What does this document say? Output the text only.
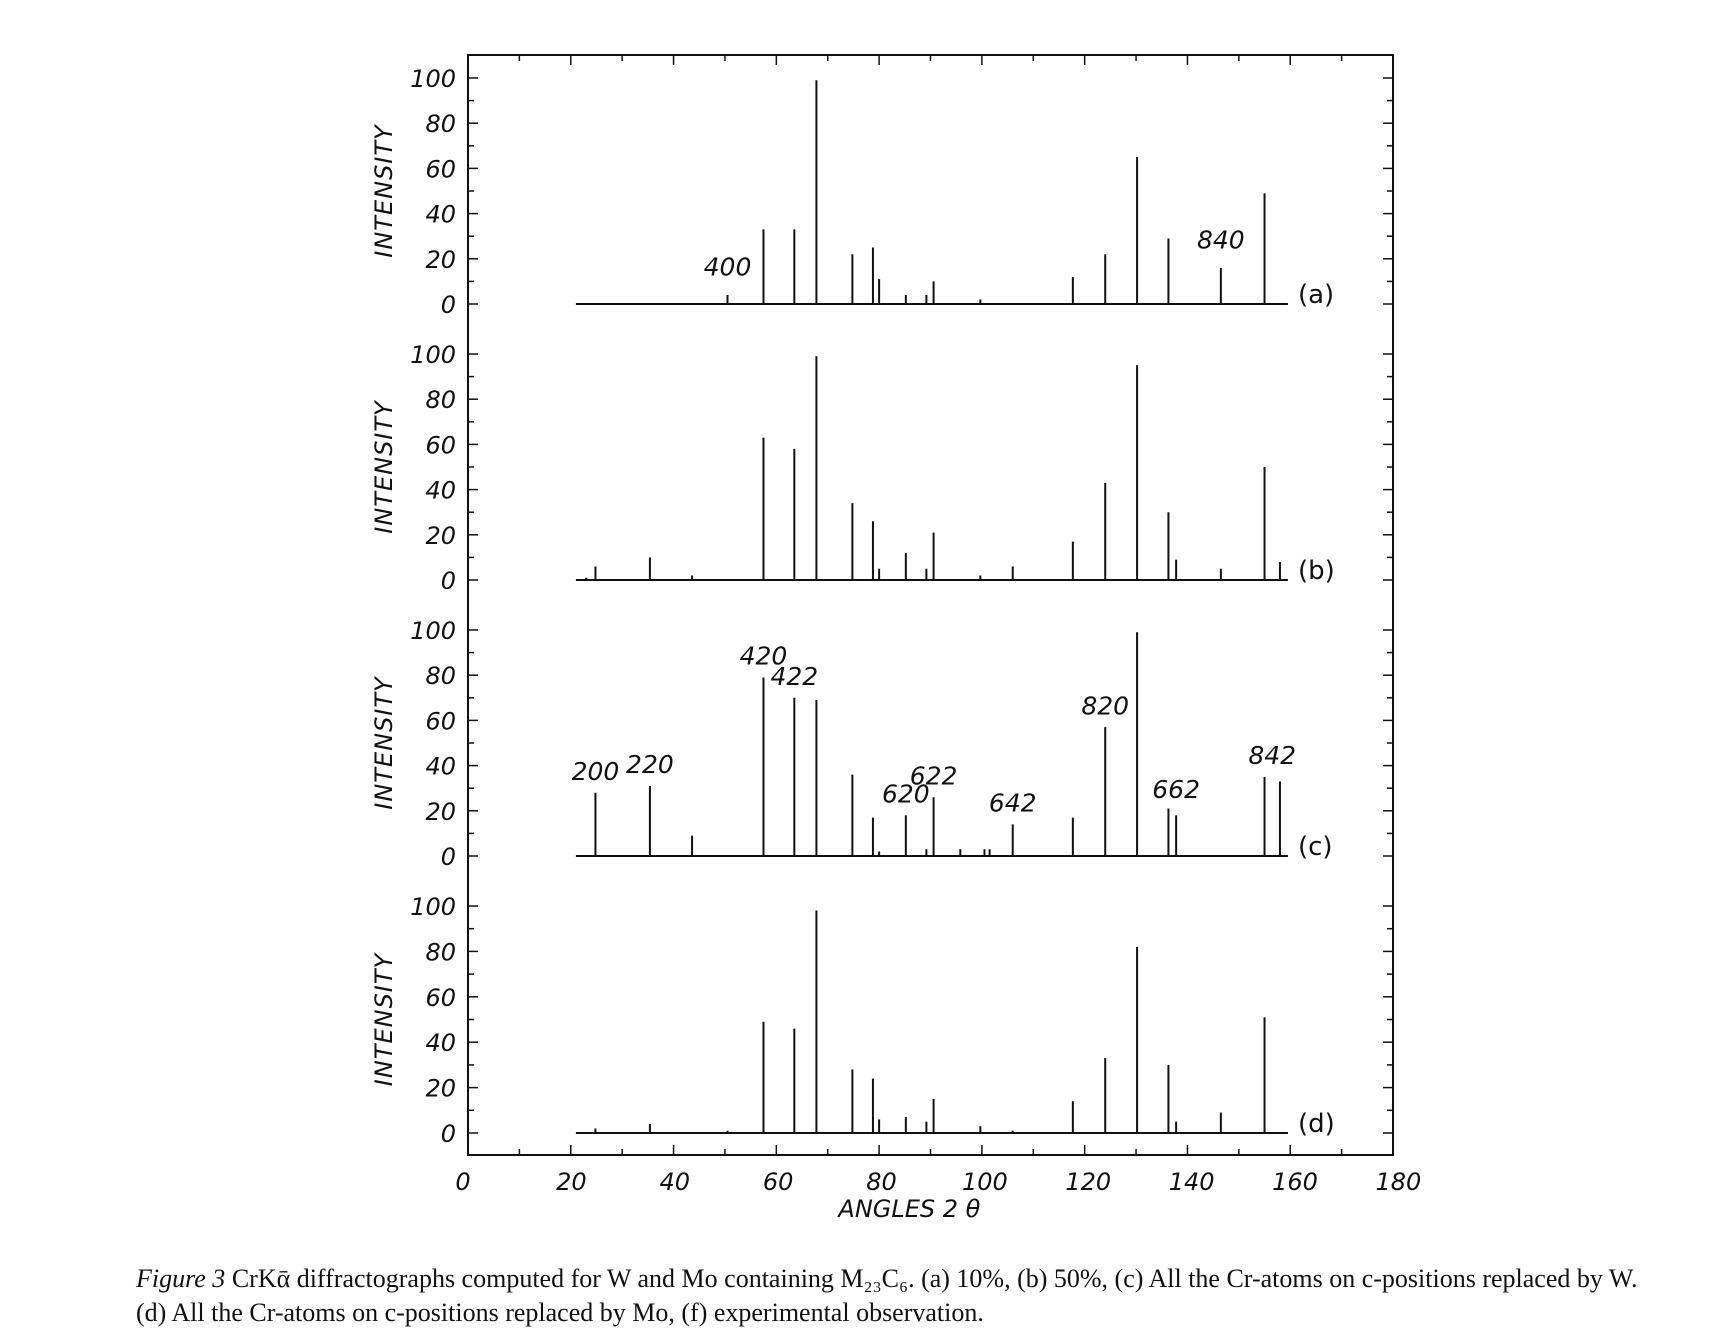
0	20	40	60	80	100 120 140 160 180
ANGLES 2 θ
0
20
40
60
80
100
INTENSITY
400
840
(a)
0
20
40
60
80
100
INTENSITY
(b)
0
20
40
60
80
100
INTENSITY	200 220
420
422
620
622
642
820
662
842
(c)
0
20
40
60
80
100
INTENSITY
(d)
Figure 3 CrKᾱ diffractographs computed for W and Mo containing M₂₃C₆. (a) 10%, (b) 50%, (c) All the Cr-atoms on c-positions replaced by W. (d) All the Cr-atoms on c-positions replaced by Mo, (f) experimental observation.
